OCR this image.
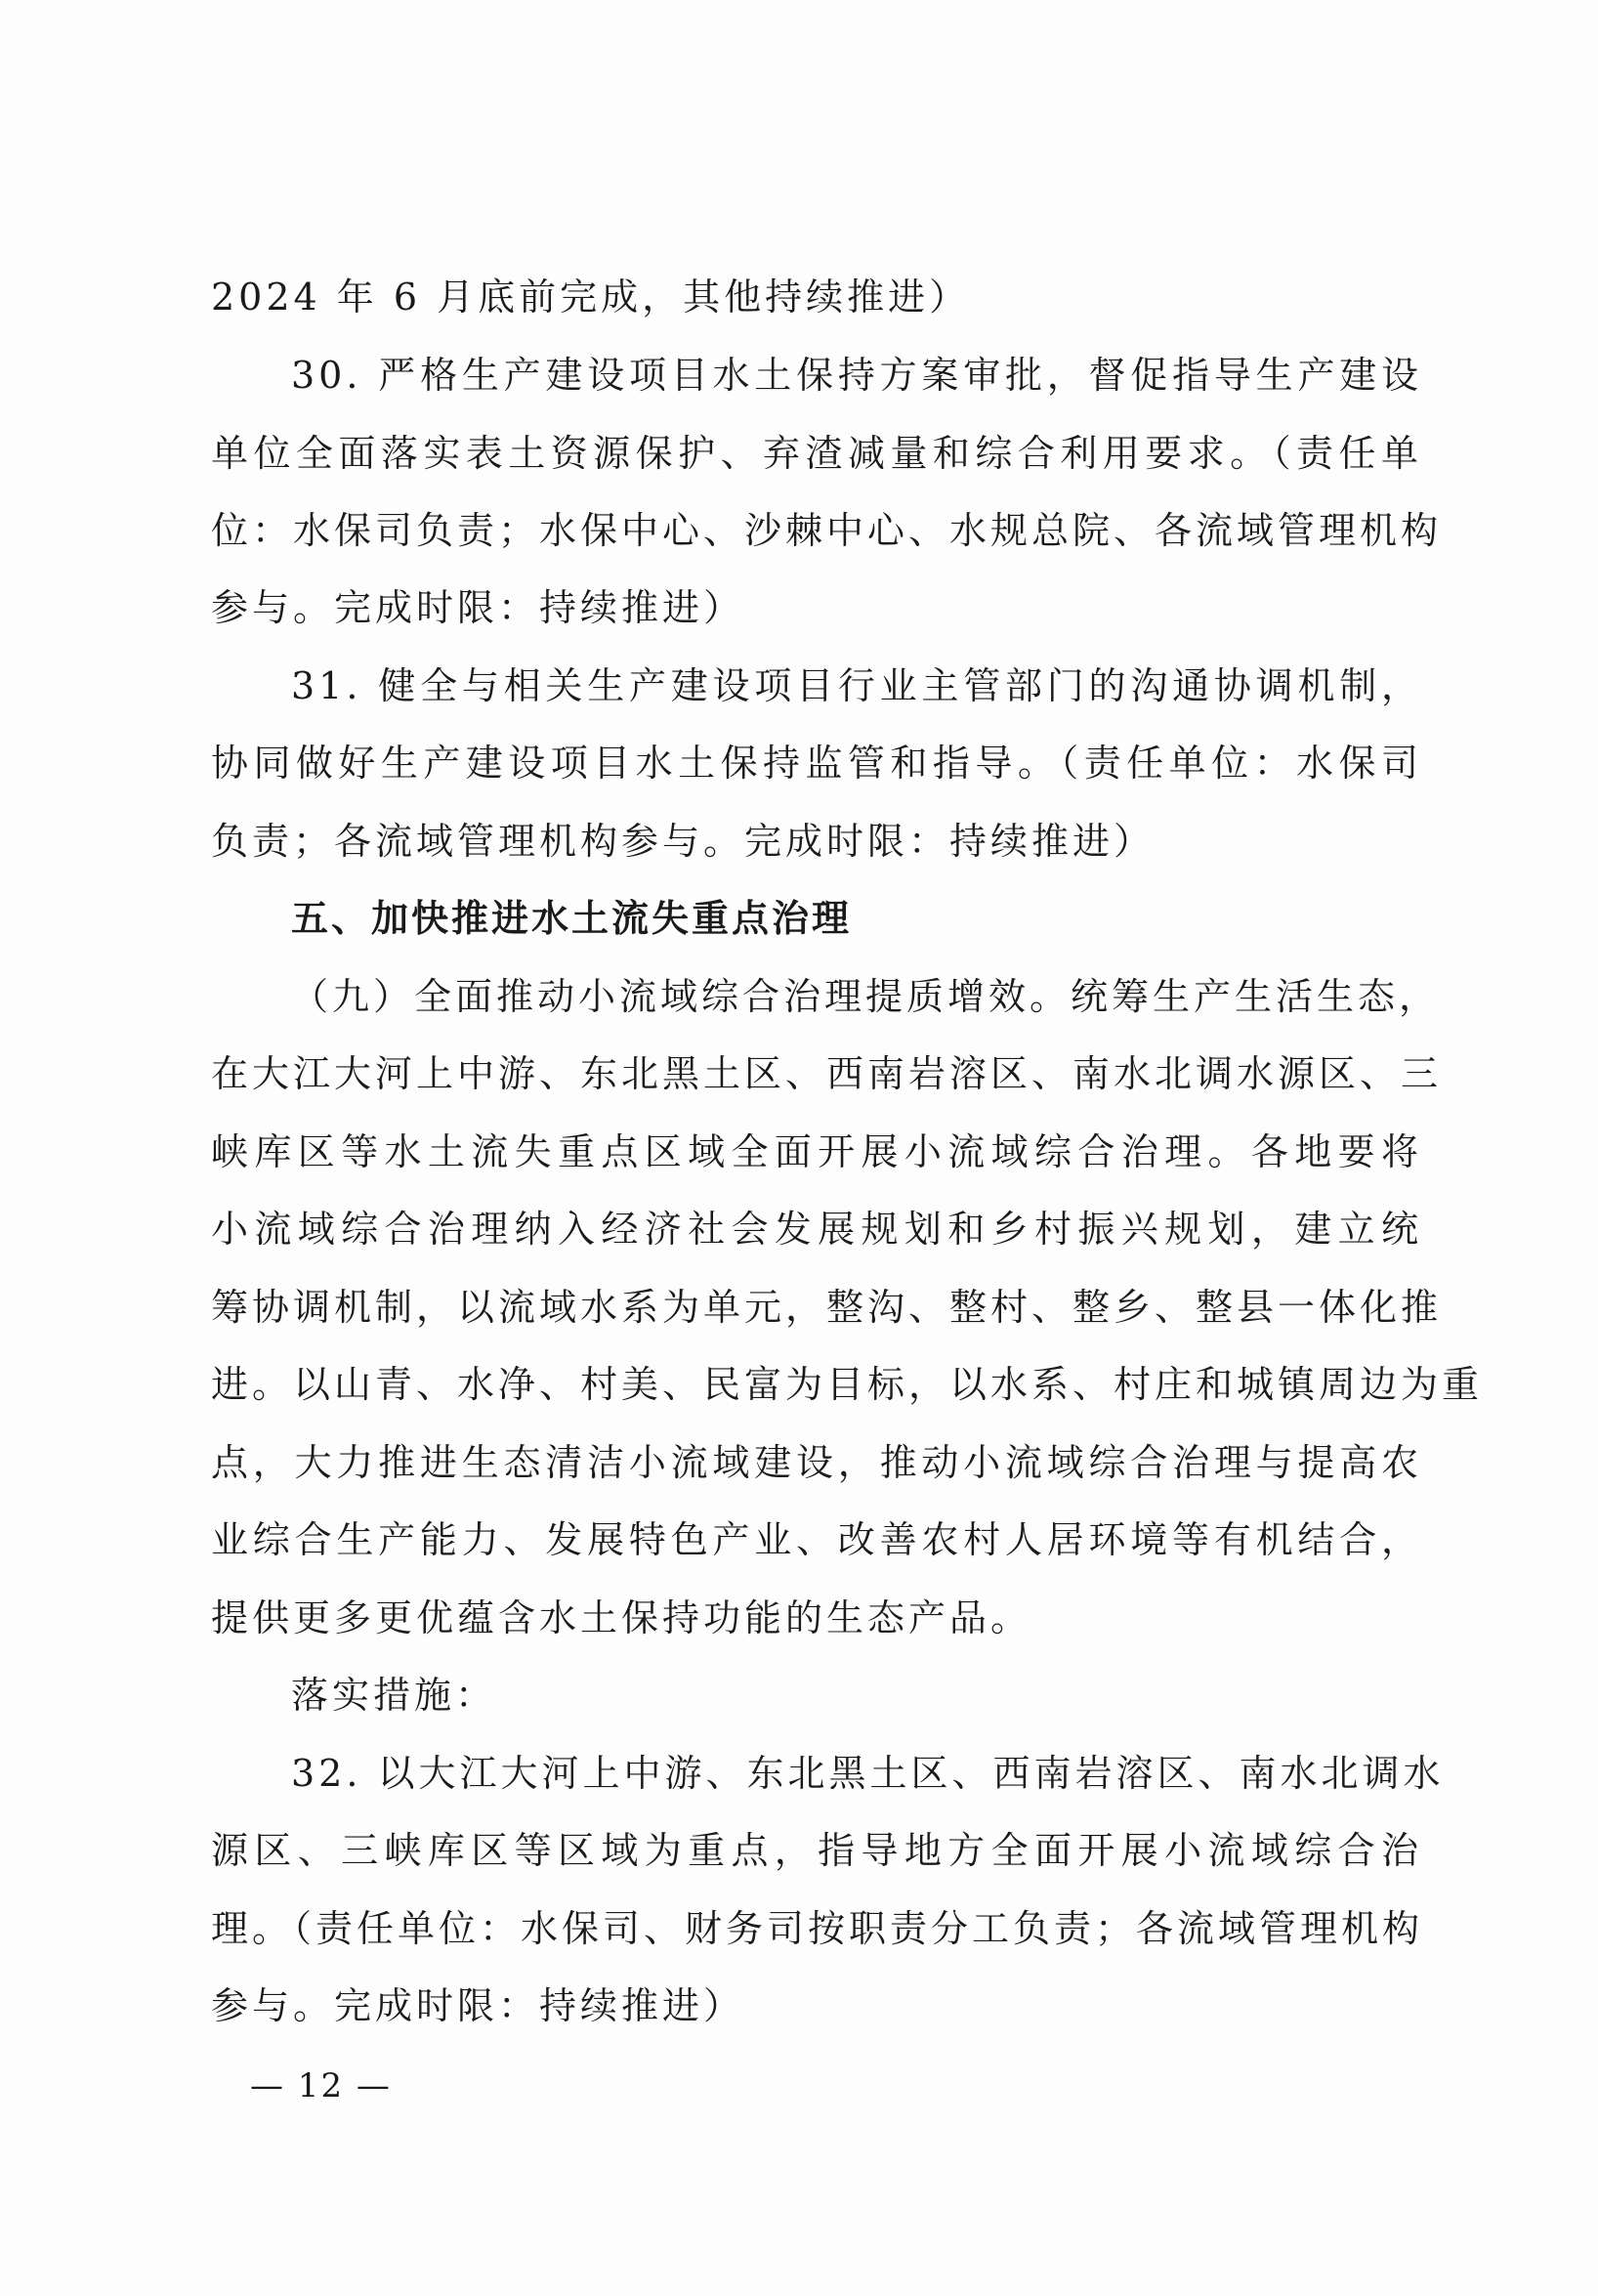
2024 年 6 月底前完成，其他持续推进）
30. 严格生产建设项目水土保持方案审批，督促指导生产建设
单位全面落实表土资源保护、弃渣减量和综合利用要求。（责任单
位：水保司负责；水保中心、沙棘中心、水规总院、各流域管理机构
参与。完成时限：持续推进）
31. 健全与相关生产建设项目行业主管部门的沟通协调机制，
协同做好生产建设项目水土保持监管和指导。（责任单位：水保司
负责；各流域管理机构参与。完成时限：持续推进）
五、加快推进水土流失重点治理
（九）全面推动小流域综合治理提质增效。统筹生产生活生态，
在大江大河上中游、东北黑土区、西南岩溶区、南水北调水源区、三
峡库区等水土流失重点区域全面开展小流域综合治理。各地要将
小流域综合治理纳入经济社会发展规划和乡村振兴规划，建立统
筹协调机制，以流域水系为单元，整沟、整村、整乡、整县一体化推
进。以山青、水净、村美、民富为目标，以水系、村庄和城镇周边为重
点，大力推进生态清洁小流域建设，推动小流域综合治理与提高农
业综合生产能力、发展特色产业、改善农村人居环境等有机结合，
提供更多更优蕴含水土保持功能的生态产品。
落实措施：
32. 以大江大河上中游、东北黑土区、西南岩溶区、南水北调水
源区、三峡库区等区域为重点，指导地方全面开展小流域综合治
理。（责任单位：水保司、财务司按职责分工负责；各流域管理机构
参与。完成时限：持续推进）
— 12 —
